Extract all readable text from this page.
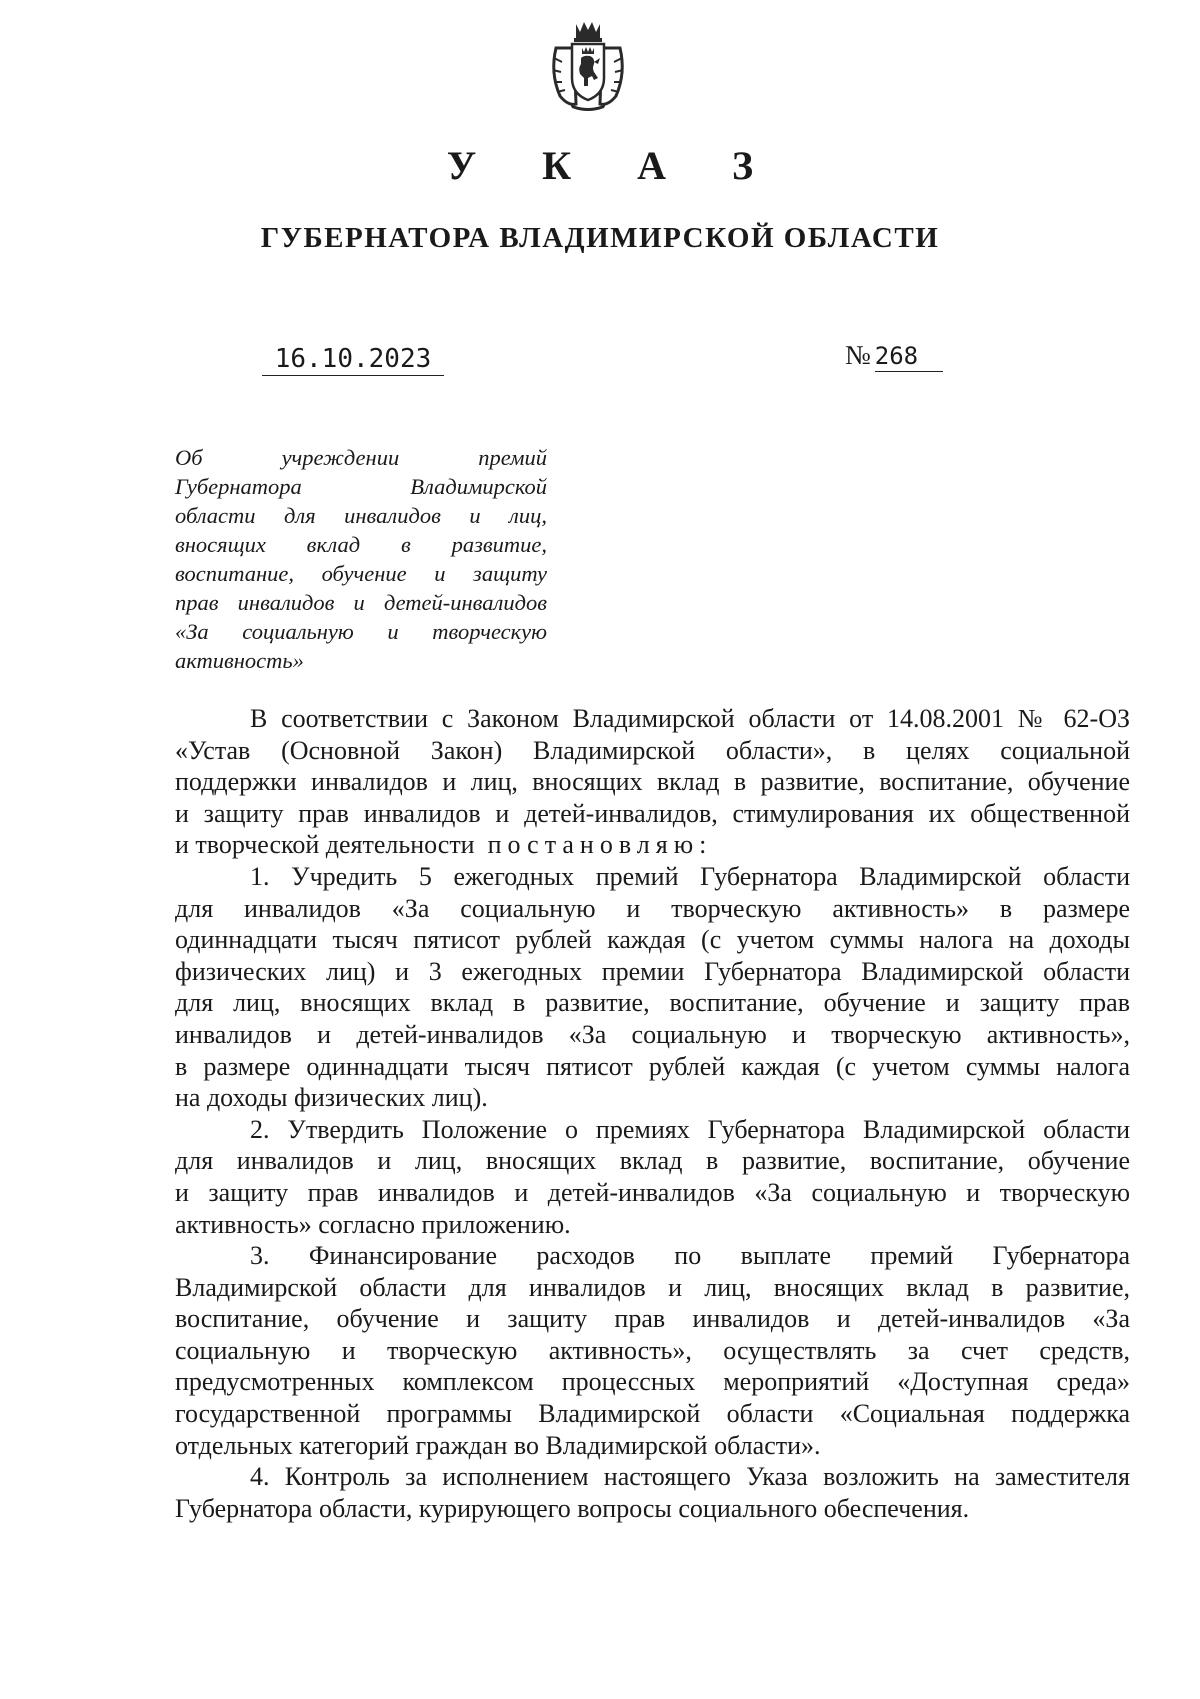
У К А З
ГУБЕРНАТОРА ВЛАДИМИРСКОЙ ОБЛАСТИ
16.10.2023	№ 268
Об учреждении премий
Губернатора Владимирской
области для инвалидов и лиц,
вносящих вклад в развитие,
воспитание, обучение и защиту
прав инвалидов и детей-инвалидов
«За социальную и творческую
активность»
В соответствии с Законом Владимирской области от 14.08.2001 № 62-ОЗ
«Устав (Основной Закон) Владимирской области», в целях социальной
поддержки инвалидов и лиц, вносящих вклад в развитие, воспитание, обучение
и защиту прав инвалидов и детей-инвалидов, стимулирования их общественной
и творческой деятельности постановляю:
1. Учредить 5 ежегодных премий Губернатора Владимирской области
для инвалидов «За социальную и творческую активность» в размере
одиннадцати тысяч пятисот рублей каждая (с учетом суммы налога на доходы
физических лиц) и 3 ежегодных премии Губернатора Владимирской области
для лиц, вносящих вклад в развитие, воспитание, обучение и защиту прав
инвалидов и детей-инвалидов «За социальную и творческую активность»,
в размере одиннадцати тысяч пятисот рублей каждая (с учетом суммы налога
на доходы физических лиц).
2. Утвердить Положение о премиях Губернатора Владимирской области
для инвалидов и лиц, вносящих вклад в развитие, воспитание, обучение
и защиту прав инвалидов и детей-инвалидов «За социальную и творческую
активность» согласно приложению.
3. Финансирование расходов по выплате премий Губернатора
Владимирской области для инвалидов и лиц, вносящих вклад в развитие,
воспитание, обучение и защиту прав инвалидов и детей-инвалидов «За
социальную и творческую активность», осуществлять за счет средств,
предусмотренных комплексом процессных мероприятий «Доступная среда»
государственной программы Владимирской области «Социальная поддержка
отдельных категорий граждан во Владимирской области».
4. Контроль за исполнением настоящего Указа возложить на заместителя
Губернатора области, курирующего вопросы социального обеспечения.
